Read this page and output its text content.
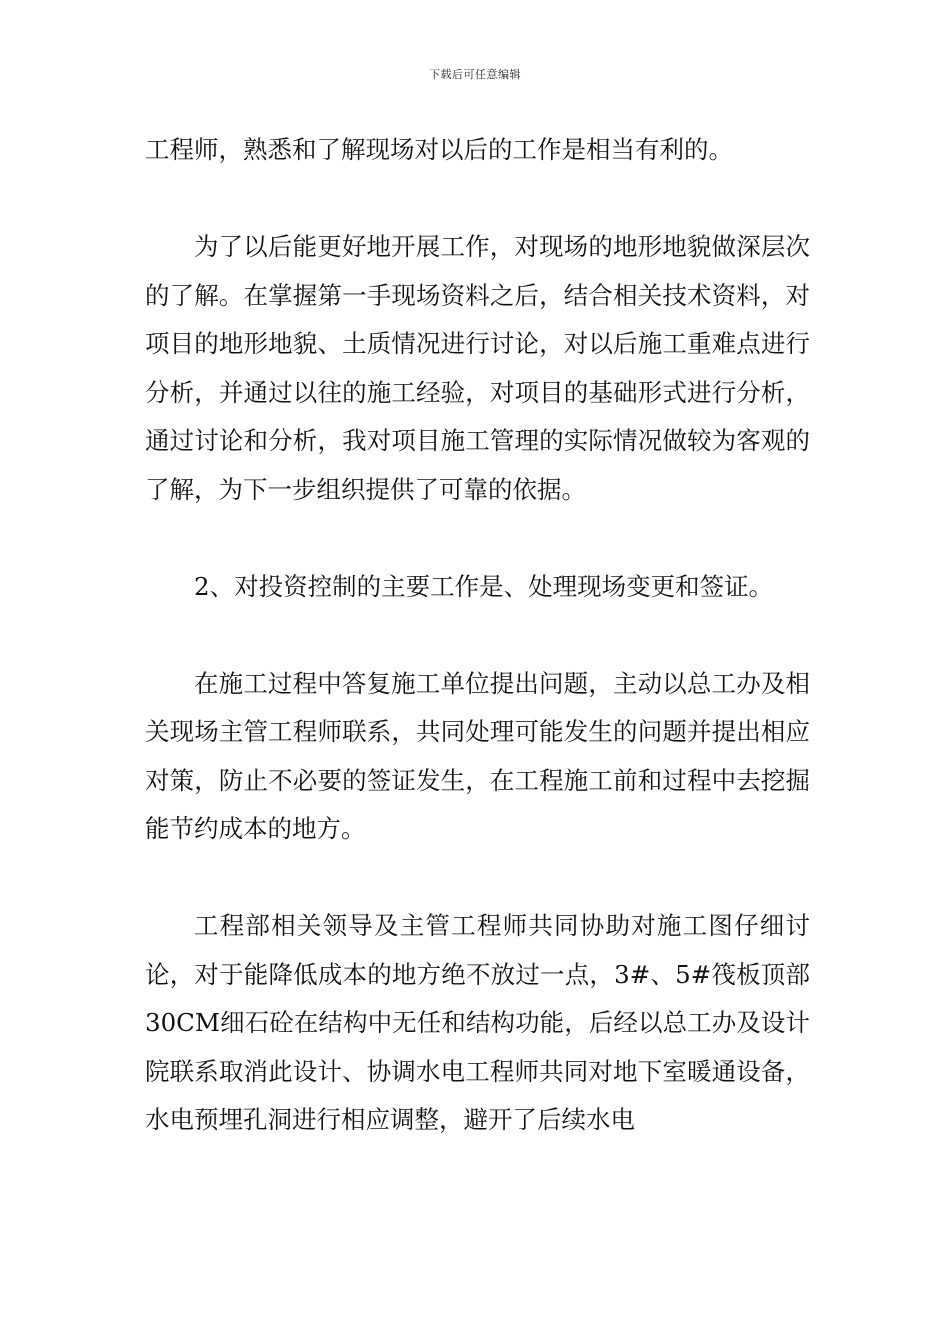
下载后可任意编辑

工程师，熟悉和了解现场对以后的工作是相当有利的。

为了以后能更好地开展工作，对现场的地形地貌做深层次的了解。在掌握第一手现场资料之后，结合相关技术资料，对项目的地形地貌、土质情况进行讨论，对以后施工重难点进行分析，并通过以往的施工经验，对项目的基础形式进行分析，通过讨论和分析，我对项目施工管理的实际情况做较为客观的了解，为下一步组织提供了可靠的依据。

2、对投资控制的主要工作是、处理现场变更和签证。

在施工过程中答复施工单位提出问题，主动以总工办及相关现场主管工程师联系，共同处理可能发生的问题并提出相应对策，防止不必要的签证发生，在工程施工前和过程中去挖掘能节约成本的地方。

工程部相关领导及主管工程师共同协助对施工图仔细讨论，对于能降低成本的地方绝不放过一点，3#、5#筏板顶部30CM细石砼在结构中无任和结构功能，后经以总工办及设计院联系取消此设计、协调水电工程师共同对地下室暖通设备，水电预埋孔洞进行相应调整，避开了后续水电
